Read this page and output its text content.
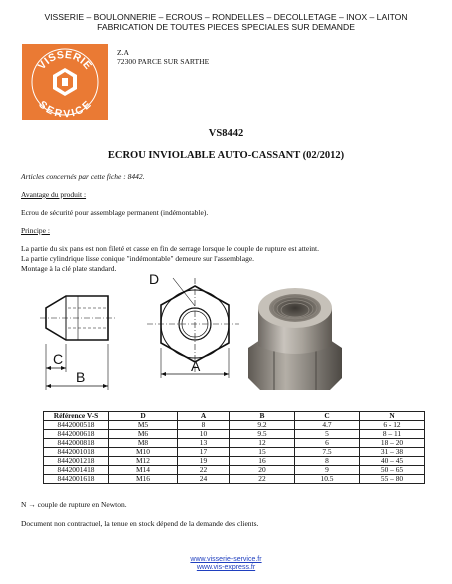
VISSERIE – BOULONNERIE – ECROUS – RONDELLES – DECOLLETAGE – INOX – LAITON
FABRICATION DE TOUTES PIECES SPECIALES SUR DEMANDE
VISSERIE
SERVICE
Z.A
72300 PARCE SUR SARTHE
VS8442
ECROU INVIOLABLE AUTO-CASSANT (02/2012)
Articles concernés par cette fiche : 8442.
Avantage du produit :
Ecrou de sécurité pour assemblage permanent (indémontable).
Principe :
La partie du six pans est non fileté et casse en fin de serrage lorsque le couple de rupture est atteint.
La partie cylindrique lisse conique "indémontable" demeure sur l'assemblage.
Montage à la clé plate standard.
C
B
D
A
Référence V-S	D	A	B	C	N
8442000518	M5	8	9.2	4.7	6 - 12
8442000618	M6	10	9.5	5	8 – 11
8442000818	M8	13	12	6	18 – 20
8442001018	M10	17	15	7.5	31 – 38
8442001218	M12	19	16	8	40 – 45
8442001418	M14	22	20	9	50 – 65
8442001618	M16	24	22	10.5	55 – 80
N → couple de rupture en Newton.
Document non contractuel, la tenue en stock dépend de la demande des clients.
www.visserie-service.fr
www.vis-express.fr
